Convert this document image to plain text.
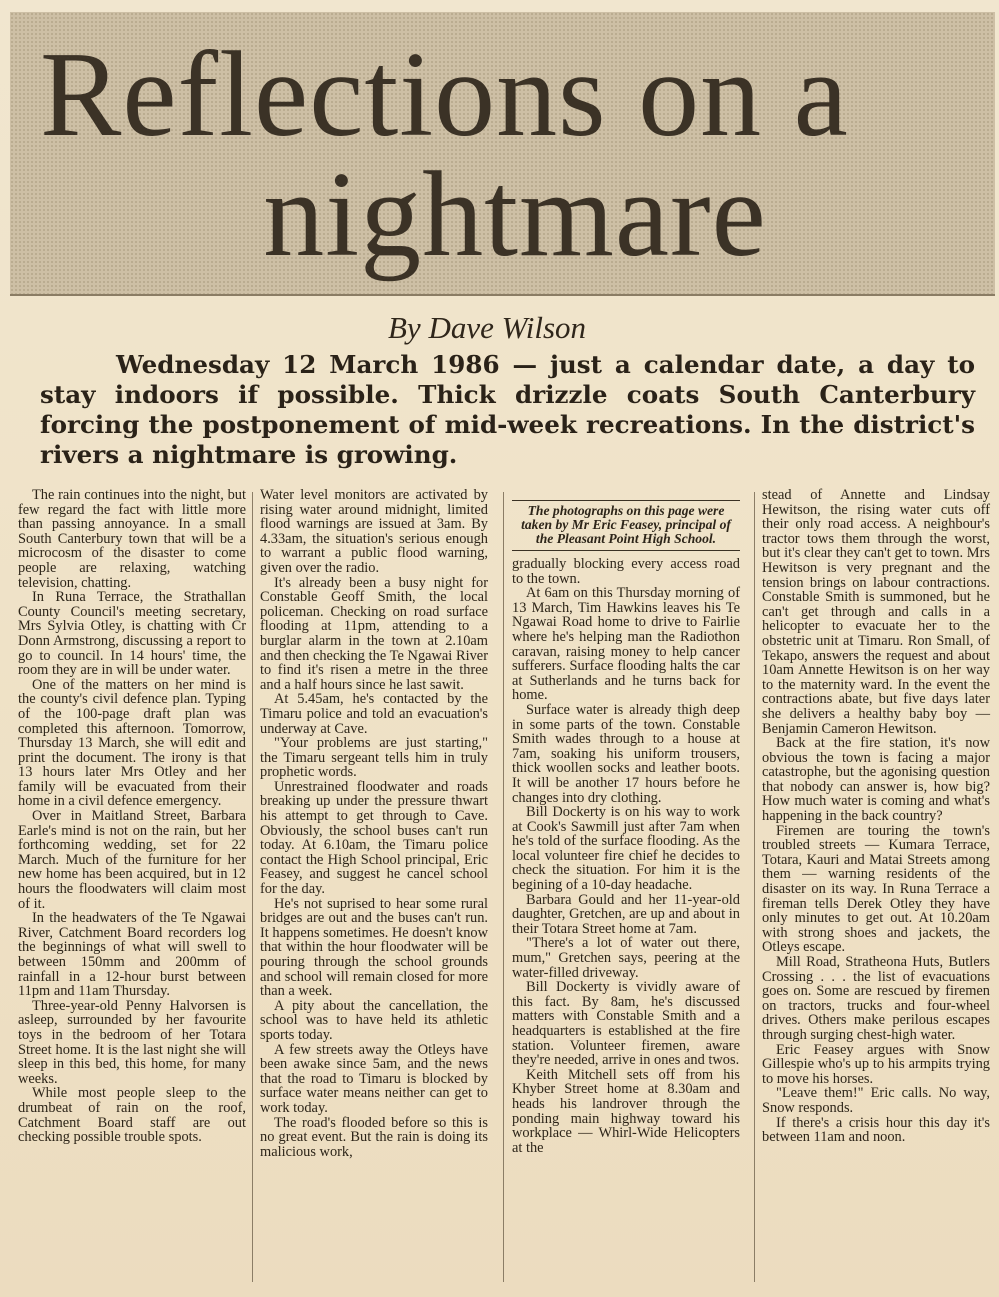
Reflections on a
nightmare

By Dave Wilson

Wednesday 12 March 1986 — just a calendar date, a day to stay indoors if possible. Thick drizzle coats South Canterbury forcing the postponement of mid-week recreations. In the district's rivers a nightmare is growing.

The rain continues into the night, but few regard the fact with little more than passing annoyance. In a small South Canterbury town that will be a microcosm of the disaster to come people are relaxing, watching television, chatting.

In Runa Terrace, the Strathallan County Council's meeting secretary, Mrs Sylvia Otley, is chatting with Cr Donn Armstrong, discussing a report to go to council. In 14 hours' time, the room they are in will be under water.

One of the matters on her mind is the county's civil defence plan. Typing of the 100-page draft plan was completed this afternoon. Tomorrow, Thursday 13 March, she will edit and print the document. The irony is that 13 hours later Mrs Otley and her family will be evacuated from their home in a civil defence emergency.

Over in Maitland Street, Barbara Earle's mind is not on the rain, but her forthcoming wedding, set for 22 March. Much of the furniture for her new home has been acquired, but in 12 hours the floodwaters will claim most of it.

In the headwaters of the Te Ngawai River, Catchment Board recorders log the beginnings of what will swell to between 150mm and 200mm of rainfall in a 12-hour burst between 11pm and 11am Thursday.

Three-year-old Penny Halvorsen is asleep, surrounded by her favourite toys in the bedroom of her Totara Street home. It is the last night she will sleep in this bed, this home, for many weeks.

While most people sleep to the drumbeat of rain on the roof, Catchment Board staff are out checking possible trouble spots.

Water level monitors are activated by rising water around midnight, limited flood warnings are issued at 3am. By 4.33am, the situation's serious enough to warrant a public flood warning, given over the radio.

It's already been a busy night for Constable Geoff Smith, the local policeman. Checking on road surface flooding at 11pm, attending to a burglar alarm in the town at 2.10am and then checking the Te Ngawai River to find it's risen a metre in the three and a half hours since he last sawit.

At 5.45am, he's contacted by the Timaru police and told an evacuation's underway at Cave.

"Your problems are just starting," the Timaru sergeant tells him in truly prophetic words.

Unrestrained floodwater and roads breaking up under the pressure thwart his attempt to get through to Cave. Obviously, the school buses can't run today. At 6.10am, the Timaru police contact the High School principal, Eric Feasey, and suggest he cancel school for the day.

He's not suprised to hear some rural bridges are out and the buses can't run. It happens sometimes. He doesn't know that within the hour floodwater will be pouring through the school grounds and school will remain closed for more than a week.

A pity about the cancellation, the school was to have held its athletic sports today.

A few streets away the Otleys have been awake since 5am, and the news that the road to Timaru is blocked by surface water means neither can get to work today.

The road's flooded before so this is no great event. But the rain is doing its malicious work,

The photographs on this page were taken by Mr Eric Feasey, principal of the Pleasant Point High School.

gradually blocking every access road to the town.

At 6am on this Thursday morning of 13 March, Tim Hawkins leaves his Te Ngawai Road home to drive to Fairlie where he's helping man the Radiothon caravan, raising money to help cancer sufferers. Surface flooding halts the car at Sutherlands and he turns back for home.

Surface water is already thigh deep in some parts of the town. Constable Smith wades through to a house at 7am, soaking his uniform trousers, thick woollen socks and leather boots. It will be another 17 hours before he changes into dry clothing.

Bill Dockerty is on his way to work at Cook's Sawmill just after 7am when he's told of the surface flooding. As the local volunteer fire chief he decides to check the situation. For him it is the begining of a 10-day headache.

Barbara Gould and her 11-year-old daughter, Gretchen, are up and about in their Totara Street home at 7am.

"There's a lot of water out there, mum," Gretchen says, peering at the water-filled driveway.

Bill Dockerty is vividly aware of this fact. By 8am, he's discussed matters with Constable Smith and a headquarters is established at the fire station. Volunteer firemen, aware they're needed, arrive in ones and twos.

Keith Mitchell sets off from his Khyber Street home at 8.30am and heads his landrover through the ponding main highway toward his workplace — Whirl-Wide Helicopters at the

stead of Annette and Lindsay Hewitson, the rising water cuts off their only road access. A neighbour's tractor tows them through the worst, but it's clear they can't get to town. Mrs Hewitson is very pregnant and the tension brings on labour contractions. Constable Smith is summoned, but he can't get through and calls in a helicopter to evacuate her to the obstetric unit at Timaru. Ron Small, of Tekapo, answers the request and about 10am Annette Hewitson is on her way to the maternity ward. In the event the contractions abate, but five days later she delivers a healthy baby boy — Benjamin Cameron Hewitson.

Back at the fire station, it's now obvious the town is facing a major catastrophe, but the agonising question that nobody can answer is, how big? How much water is coming and what's happening in the back country?

Firemen are touring the town's troubled streets — Kumara Terrace, Totara, Kauri and Matai Streets among them — warning residents of the disaster on its way. In Runa Terrace a fireman tells Derek Otley they have only minutes to get out. At 10.20am with strong shoes and jackets, the Otleys escape.

Mill Road, Stratheona Huts, Butlers Crossing . . . the list of evacuations goes on. Some are rescued by firemen on tractors, trucks and four-wheel drives. Others make perilous escapes through surging chest-high water.

Eric Feasey argues with Snow Gillespie who's up to his armpits trying to move his horses.

"Leave them!" Eric calls. No way, Snow responds.

If there's a crisis hour this day it's between 11am and noon.
